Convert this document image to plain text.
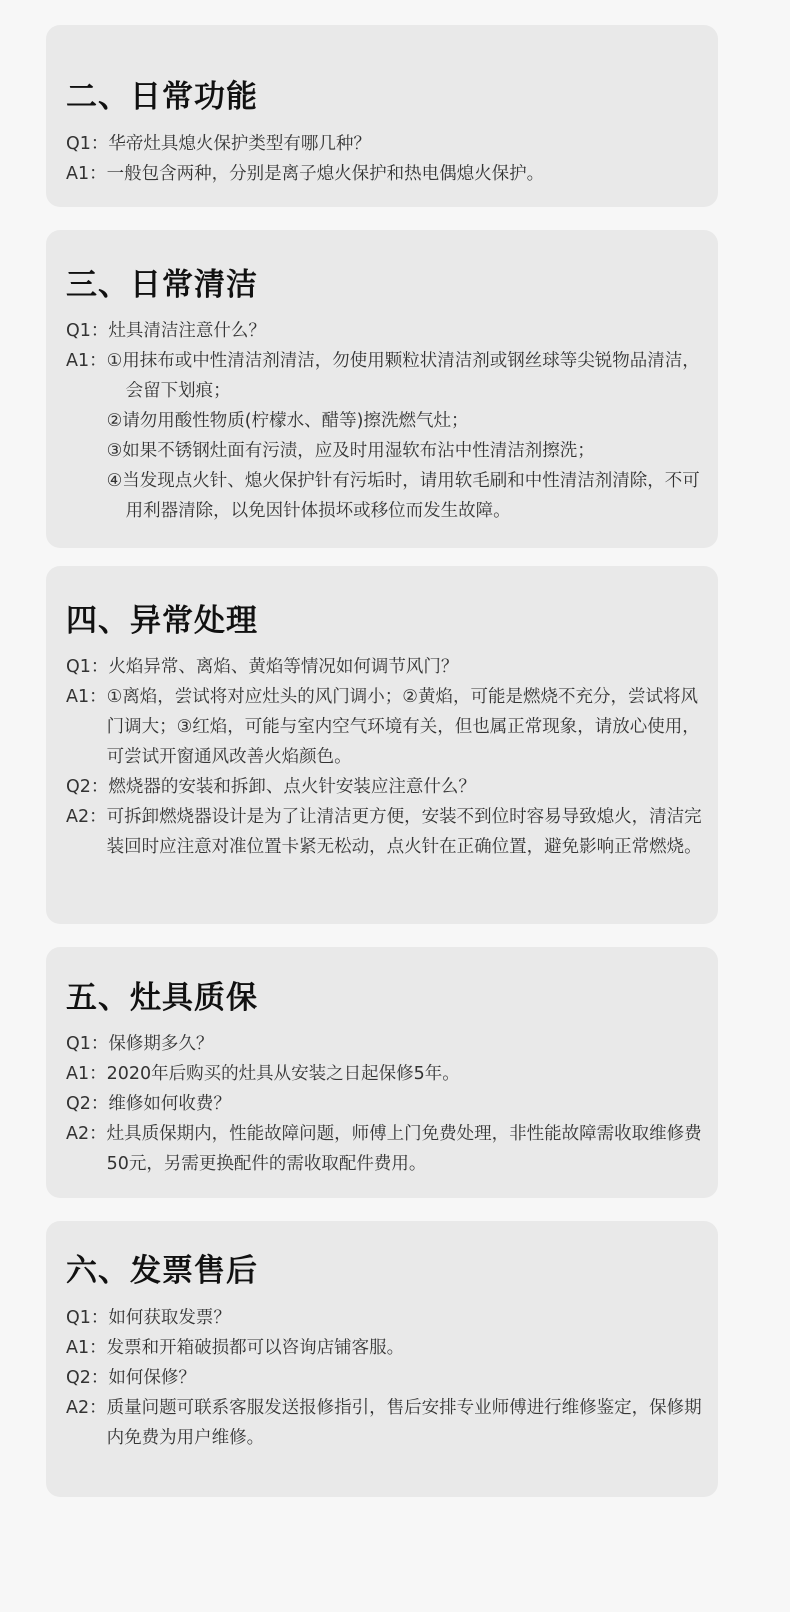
二、日常功能
Q1： 华帝灶具熄火保护类型有哪几种？
A1： 一般包含两种，分别是离子熄火保护和热电偶熄火保护。
三、日常清洁
Q1： 灶具清洁注意什么？
A1： ①用抹布或中性清洁剂清洁，勿使用颗粒状清洁剂或钢丝球等尖锐物品清洁，会留下划痕；
②请勿用酸性物质(柠檬水、醋等)擦洗燃气灶；
③如果不锈钢灶面有污渍，应及时用湿软布沾中性清洁剂擦洗；
④当发现点火针、熄火保护针有污垢时，请用软毛刷和中性清洁剂清除，不可用利器清除，以免因针体损坏或移位而发生故障。
四、异常处理
Q1： 火焰异常、离焰、黄焰等情况如何调节风门？
A1： ①离焰，尝试将对应灶头的风门调小；②黄焰，可能是燃烧不充分，尝试将风门调大；③红焰，可能与室内空气环境有关，但也属正常现象，请放心使用，可尝试开窗通风改善火焰颜色。
Q2： 燃烧器的安装和拆卸、点火针安装应注意什么？
A2： 可拆卸燃烧器设计是为了让清洁更方便，安装不到位时容易导致熄火，清洁完装回时应注意对准位置卡紧无松动，点火针在正确位置，避免影响正常燃烧。
五、灶具质保
Q1： 保修期多久？
A1： 2020年后购买的灶具从安装之日起保修5年。
Q2： 维修如何收费？
A2： 灶具质保期内，性能故障问题，师傅上门免费处理，非性能故障需收取维修费50元，另需更换配件的需收取配件费用。
六、发票售后
Q1： 如何获取发票？
A1： 发票和开箱破损都可以咨询店铺客服。
Q2： 如何保修？
A2： 质量问题可联系客服发送报修指引，售后安排专业师傅进行维修鉴定，保修期内免费为用户维修。
